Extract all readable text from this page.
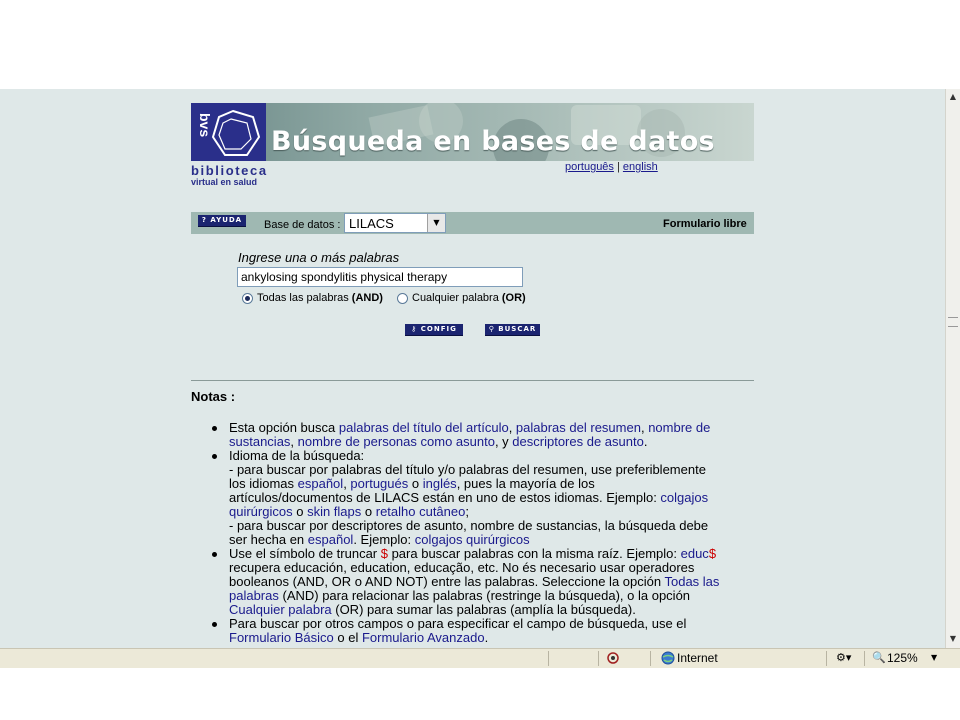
bvs
Búsqueda en bases de datos
biblioteca
virtual en salud
português | english
? AYUDA	Base de datos : LILACS	▼	Formulario libre
Ingrese una o más palabras
ankylosing spondylitis physical therapy
Todas las palabras (AND)	Cualquier palabra (OR)
⚷ CONFIG	⚲ BUSCAR
Notas :
Esta opción busca palabras del título del artículo, palabras del resumen, nombre de
sustancias, nombre de personas como asunto, y descriptores de asunto.
Idioma de la búsqueda:
- para buscar por palabras del título y/o palabras del resumen, use preferiblemente
los idiomas español, portugués o inglés, pues la mayoría de los
artículos/documentos de LILACS están en uno de estos idiomas. Ejemplo: colgajos
quirúrgicos o skin flaps o retalho cutâneo;
- para buscar por descriptores de asunto, nombre de sustancias, la búsqueda debe
ser hecha en español. Ejemplo: colgajos quirúrgicos
Use el símbolo de truncar $ para buscar palabras con la misma raíz. Ejemplo: educ$
recupera educación, education, educação, etc. No és necesario usar operadores
booleanos (AND, OR o AND NOT) entre las palabras. Seleccione la opción Todas las
palabras (AND) para relacionar las palabras (restringe la búsqueda), o la opción
Cualquier palabra (OR) para sumar las palabras (amplía la búsqueda).
Para buscar por otros campos o para especificar el campo de búsqueda, use el
Formulario Básico o el Formulario Avanzado.
▲
▼
Internet	⚙▾ 🔍 125% ▼
